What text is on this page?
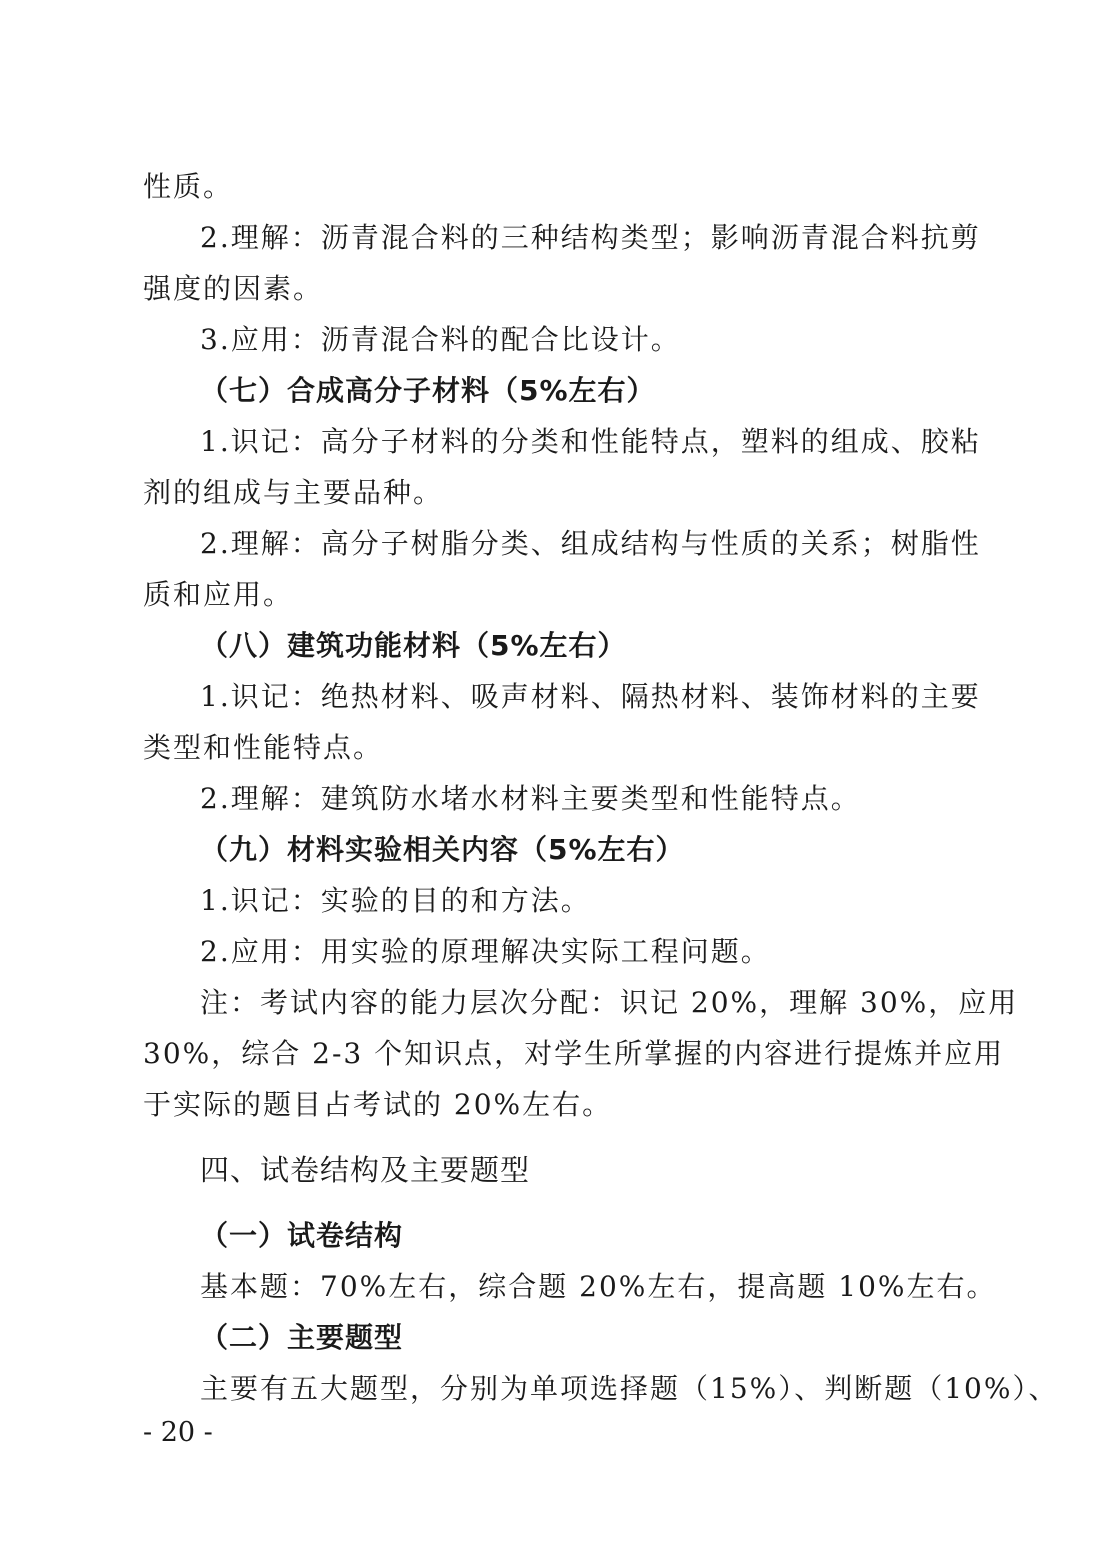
性质。
2.理解：沥青混合料的三种结构类型；影响沥青混合料抗剪
强度的因素。
3.应用：沥青混合料的配合比设计。
（七）合成高分子材料（5%左右）
1.识记：高分子材料的分类和性能特点，塑料的组成、胶粘
剂的组成与主要品种。
2.理解：高分子树脂分类、组成结构与性质的关系；树脂性
质和应用。
（八）建筑功能材料（5%左右）
1.识记：绝热材料、吸声材料、隔热材料、装饰材料的主要
类型和性能特点。
2.理解：建筑防水堵水材料主要类型和性能特点。
（九）材料实验相关内容（5%左右）
1.识记：实验的目的和方法。
2.应用：用实验的原理解决实际工程问题。
注：考试内容的能力层次分配：识记 20%，理解 30%，应用
30%，综合 2-3 个知识点，对学生所掌握的内容进行提炼并应用
于实际的题目占考试的 20%左右。
四、试卷结构及主要题型
（一）试卷结构
基本题：70%左右，综合题 20%左右，提高题 10%左右。
（二）主要题型
主要有五大题型，分别为单项选择题（15%）、判断题（10%）、
- 20 -
